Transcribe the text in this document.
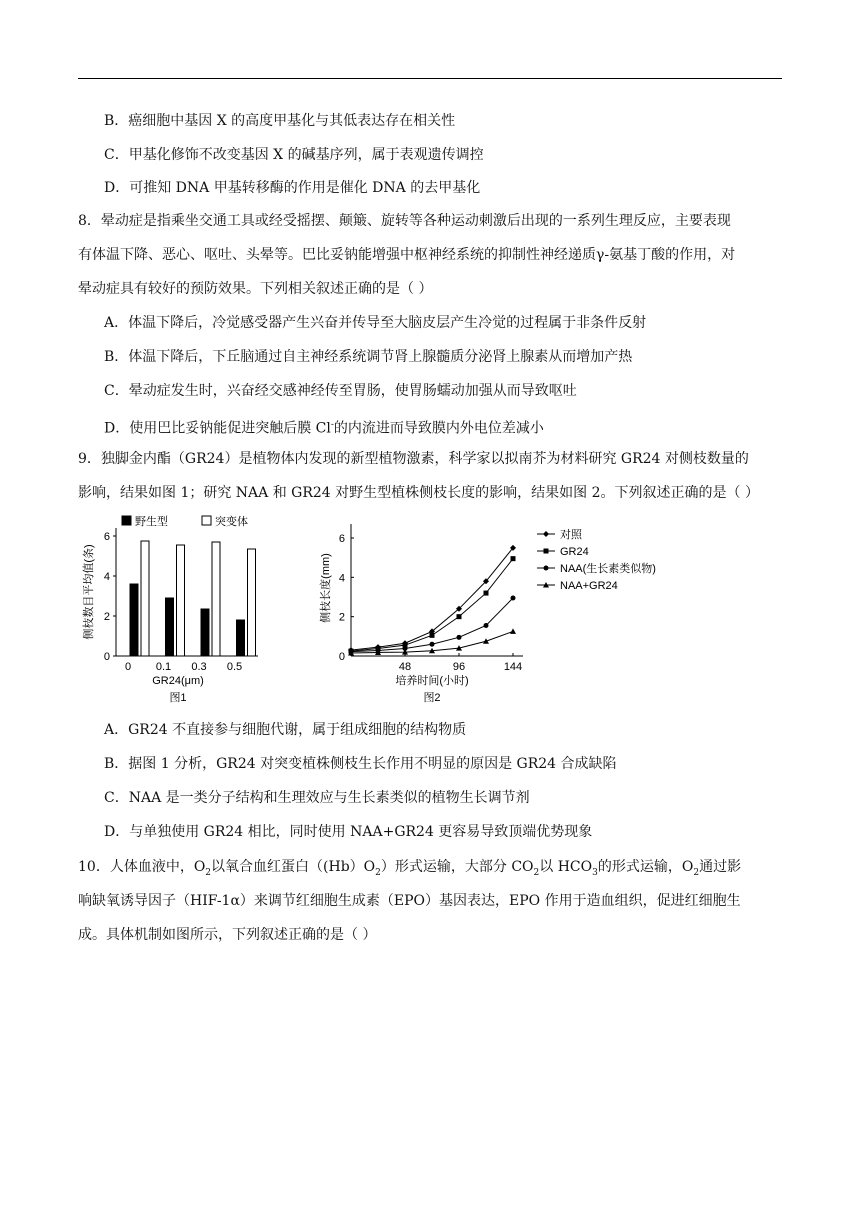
B．癌细胞中基因 X 的高度甲基化与其低表达存在相关性
C．甲基化修饰不改变基因 X 的碱基序列，属于表观遗传调控
D．可推知 DNA 甲基转移酶的作用是催化 DNA 的去甲基化
8．晕动症是指乘坐交通工具或经受摇摆、颠簸、旋转等各种运动刺激后出现的一系列生理反应，主要表现
有体温下降、恶心、呕吐、头晕等。巴比妥钠能增强中枢神经系统的抑制性神经递质γ-氨基丁酸的作用，对
晕动症具有较好的预防效果。下列相关叙述正确的是（ ）
A．体温下降后，冷觉感受器产生兴奋并传导至大脑皮层产生冷觉的过程属于非条件反射
B．体温下降后，下丘脑通过自主神经系统调节肾上腺髓质分泌肾上腺素从而增加产热
C．晕动症发生时，兴奋经交感神经传至胃肠，使胃肠蠕动加强从而导致呕吐
D．使用巴比妥钠能促进突触后膜 Cl-的内流进而导致膜内外电位差减小
9．独脚金内酯（GR24）是植物体内发现的新型植物激素，科学家以拟南芥为材料研究 GR24 对侧枝数量的
影响，结果如图 1；研究 NAA 和 GR24 对野生型植株侧枝长度的影响，结果如图 2。下列叙述正确的是（ ）
0
2
4
6
0 0.1 0.3 0.5
GR24(μm)
图1
侧枝数目平均值(条)
野生型	突变体
0
2
4
6
48	96	144
培养时间(小时)
图2
侧枝长度(mm)
对照
GR24
NAA(生长素类似物)
NAA+GR24
A．GR24 不直接参与细胞代谢，属于组成细胞的结构物质
B．据图 1 分析，GR24 对突变植株侧枝生长作用不明显的原因是 GR24 合成缺陷
C．NAA 是一类分子结构和生理效应与生长素类似的植物生长调节剂
D．与单独使用 GR24 相比，同时使用 NAA+GR24 更容易导致顶端优势现象
10．人体血液中，$O_2$以氧合血红蛋白$((Hb)O_2)$形式运输，大部分 $CO_2$以 $HCO_3$的形式运输，$O_2$通过影
响缺氧诱导因子（HIF-1α）来调节红细胞生成素（EPO）基因表达，EPO 作用于造血组织，促进红细胞生
成。具体机制如图所示，下列叙述正确的是（ ）
